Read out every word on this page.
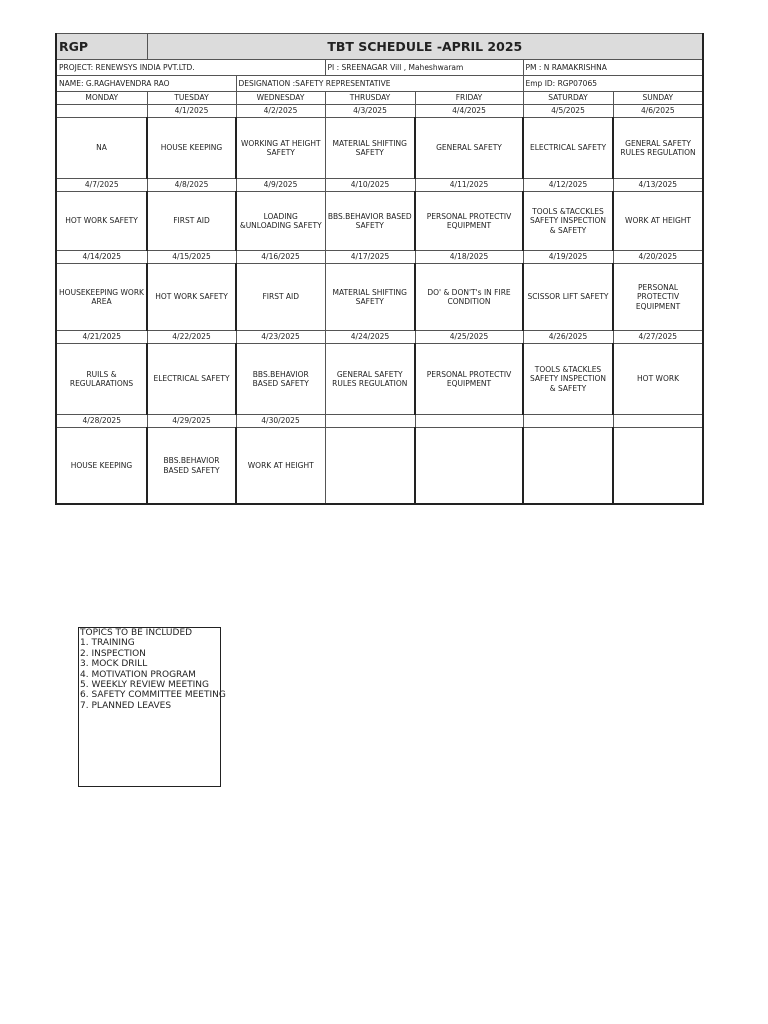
RGP	TBT SCHEDULE -APRIL 2025					
PROJECT: RENEWSYS INDIA PVT.LTD.			PI : SREENAGAR Vill , Maheshwaram		PM : N RAMAKRISHNA	
NAME: G.RAGHAVENDRA RAO		DESIGNATION :SAFETY REPRESENTATIVE			Emp ID: RGP07065	
MONDAY	TUESDAY	WEDNESDAY	THRUSDAY	FRIDAY	SATURDAY	SUNDAY
	4/1/2025	4/2/2025	4/3/2025	4/4/2025	4/5/2025	4/6/2025
NA	HOUSE KEEPING	WORKING AT HEIGHT SAFETY	MATERIAL SHIFTING SAFETY	GENERAL SAFETY	ELECTRICAL SAFETY	GENERAL SAFETY RULES REGULATION
4/7/2025	4/8/2025	4/9/2025	4/10/2025	4/11/2025	4/12/2025	4/13/2025
HOT WORK SAFETY	FIRST AID	LOADING &UNLOADING SAFETY	BBS.BEHAVIOR BASED SAFETY	PERSONAL PROTECTIV EQUIPMENT	TOOLS &TACCKLES SAFETY INSPECTION & SAFETY	WORK AT HEIGHT
4/14/2025	4/15/2025	4/16/2025	4/17/2025	4/18/2025	4/19/2025	4/20/2025
HOUSEKEEPING WORK AREA	HOT WORK SAFETY	FIRST AID	MATERIAL SHIFTING SAFETY	DO' & DON'T's IN FIRE CONDITION	SCISSOR LIFT SAFETY	PERSONAL PROTECTIV EQUIPMENT
4/21/2025	4/22/2025	4/23/2025	4/24/2025	4/25/2025	4/26/2025	4/27/2025
RUILS & REGULARATIONS	ELECTRICAL SAFETY	BBS.BEHAVIOR BASED SAFETY	GENERAL SAFETY RULES REGULATION	PERSONAL PROTECTIV EQUIPMENT	TOOLS &TACKLES SAFETY INSPECTION & SAFETY	HOT WORK
4/28/2025	4/29/2025	4/30/2025				
HOUSE KEEPING	BBS.BEHAVIOR BASED SAFETY	WORK AT HEIGHT				
TOPICS TO BE INCLUDED
1. TRAINING
2. INSPECTION
3. MOCK DRILL
4. MOTIVATION PROGRAM
5. WEEKLY REVIEW MEETING
6. SAFETY COMMITTEE MEETING
7. PLANNED LEAVES
